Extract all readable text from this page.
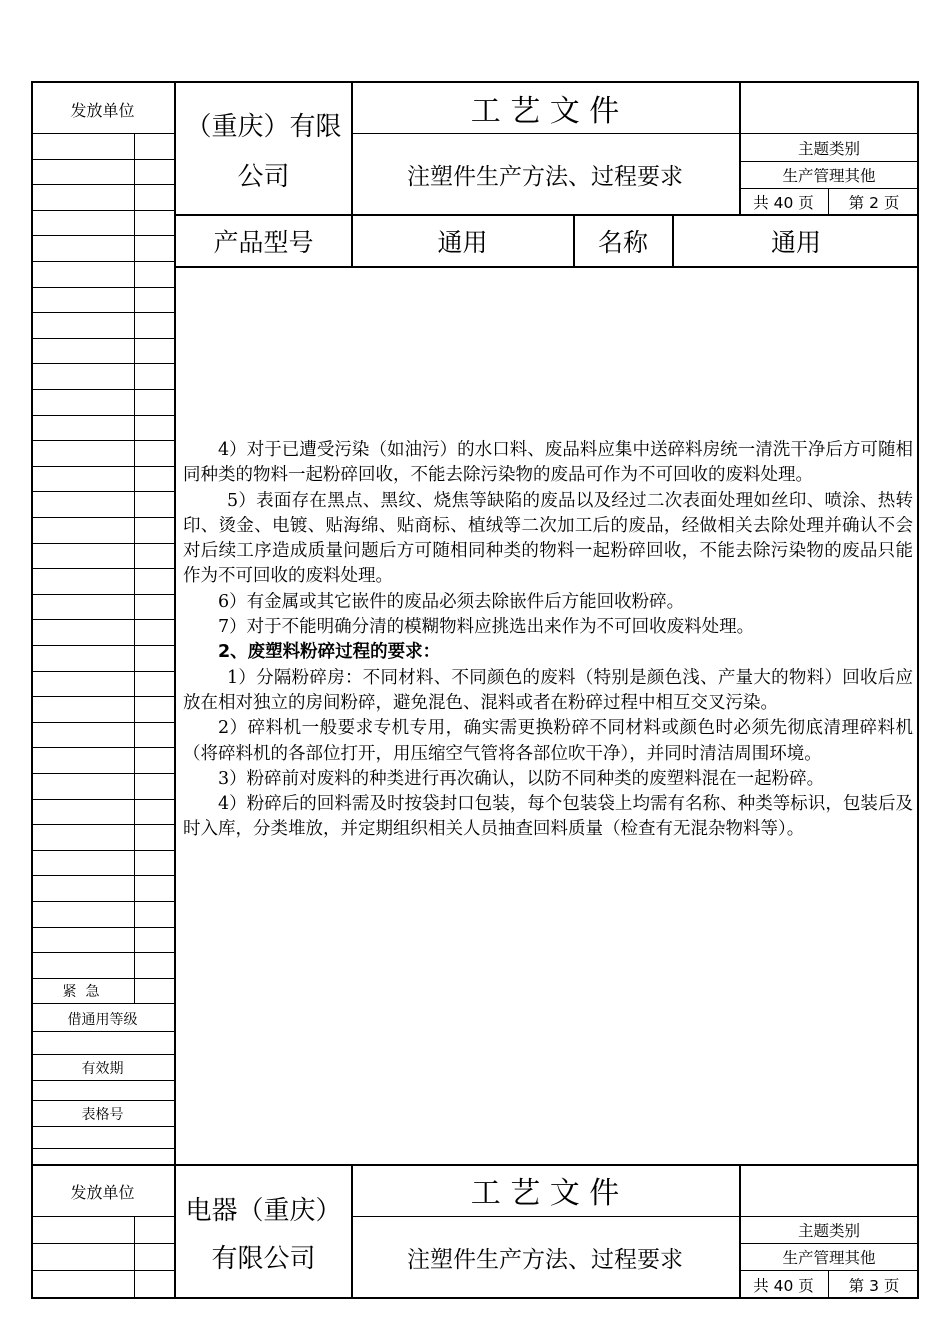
发放单位
（重庆）有限
公司
工 艺 文 件
注塑件生产方法、过程要求
主题类别
生产管理其他
共 40 页	第 2 页
产品型号	通用	名称	通用
紧  急
借通用等级
有效期
表格号

4）对于已遭受污染（如油污）的水口料、废品料应集中送碎料房统一清洗干净后方可随相同种类的物料一起粉碎回收，不能去除污染物的废品可作为不可回收的废料处理。

5）表面存在黑点、黑纹、烧焦等缺陷的废品以及经过二次表面处理如丝印、喷涂、热转印、烫金、电镀、贴海绵、贴商标、植绒等二次加工后的废品，经做相关去除处理并确认不会对后续工序造成质量问题后方可随相同种类的物料一起粉碎回收，不能去除污染物的废品只能作为不可回收的废料处理。

6）有金属或其它嵌件的废品必须去除嵌件后方能回收粉碎。

7）对于不能明确分清的模糊物料应挑选出来作为不可回收废料处理。

2、废塑料粉碎过程的要求：

1）分隔粉碎房：不同材料、不同颜色的废料（特别是颜色浅、产量大的物料）回收后应放在相对独立的房间粉碎，避免混色、混料或者在粉碎过程中相互交叉污染。

2）碎料机一般要求专机专用，确实需更换粉碎不同材料或颜色时必须先彻底清理碎料机（将碎料机的各部位打开，用压缩空气管将各部位吹干净），并同时清洁周围环境。

3）粉碎前对废料的种类进行再次确认，以防不同种类的废塑料混在一起粉碎。

4）粉碎后的回料需及时按袋封口包装，每个包装袋上均需有名称、种类等标识，包装后及时入库，分类堆放，并定期组织相关人员抽查回料质量（检查有无混杂物料等）。

发放单位
电器（重庆）
有限公司
工 艺 文 件
注塑件生产方法、过程要求
主题类别
生产管理其他
共 40 页	第 3 页
